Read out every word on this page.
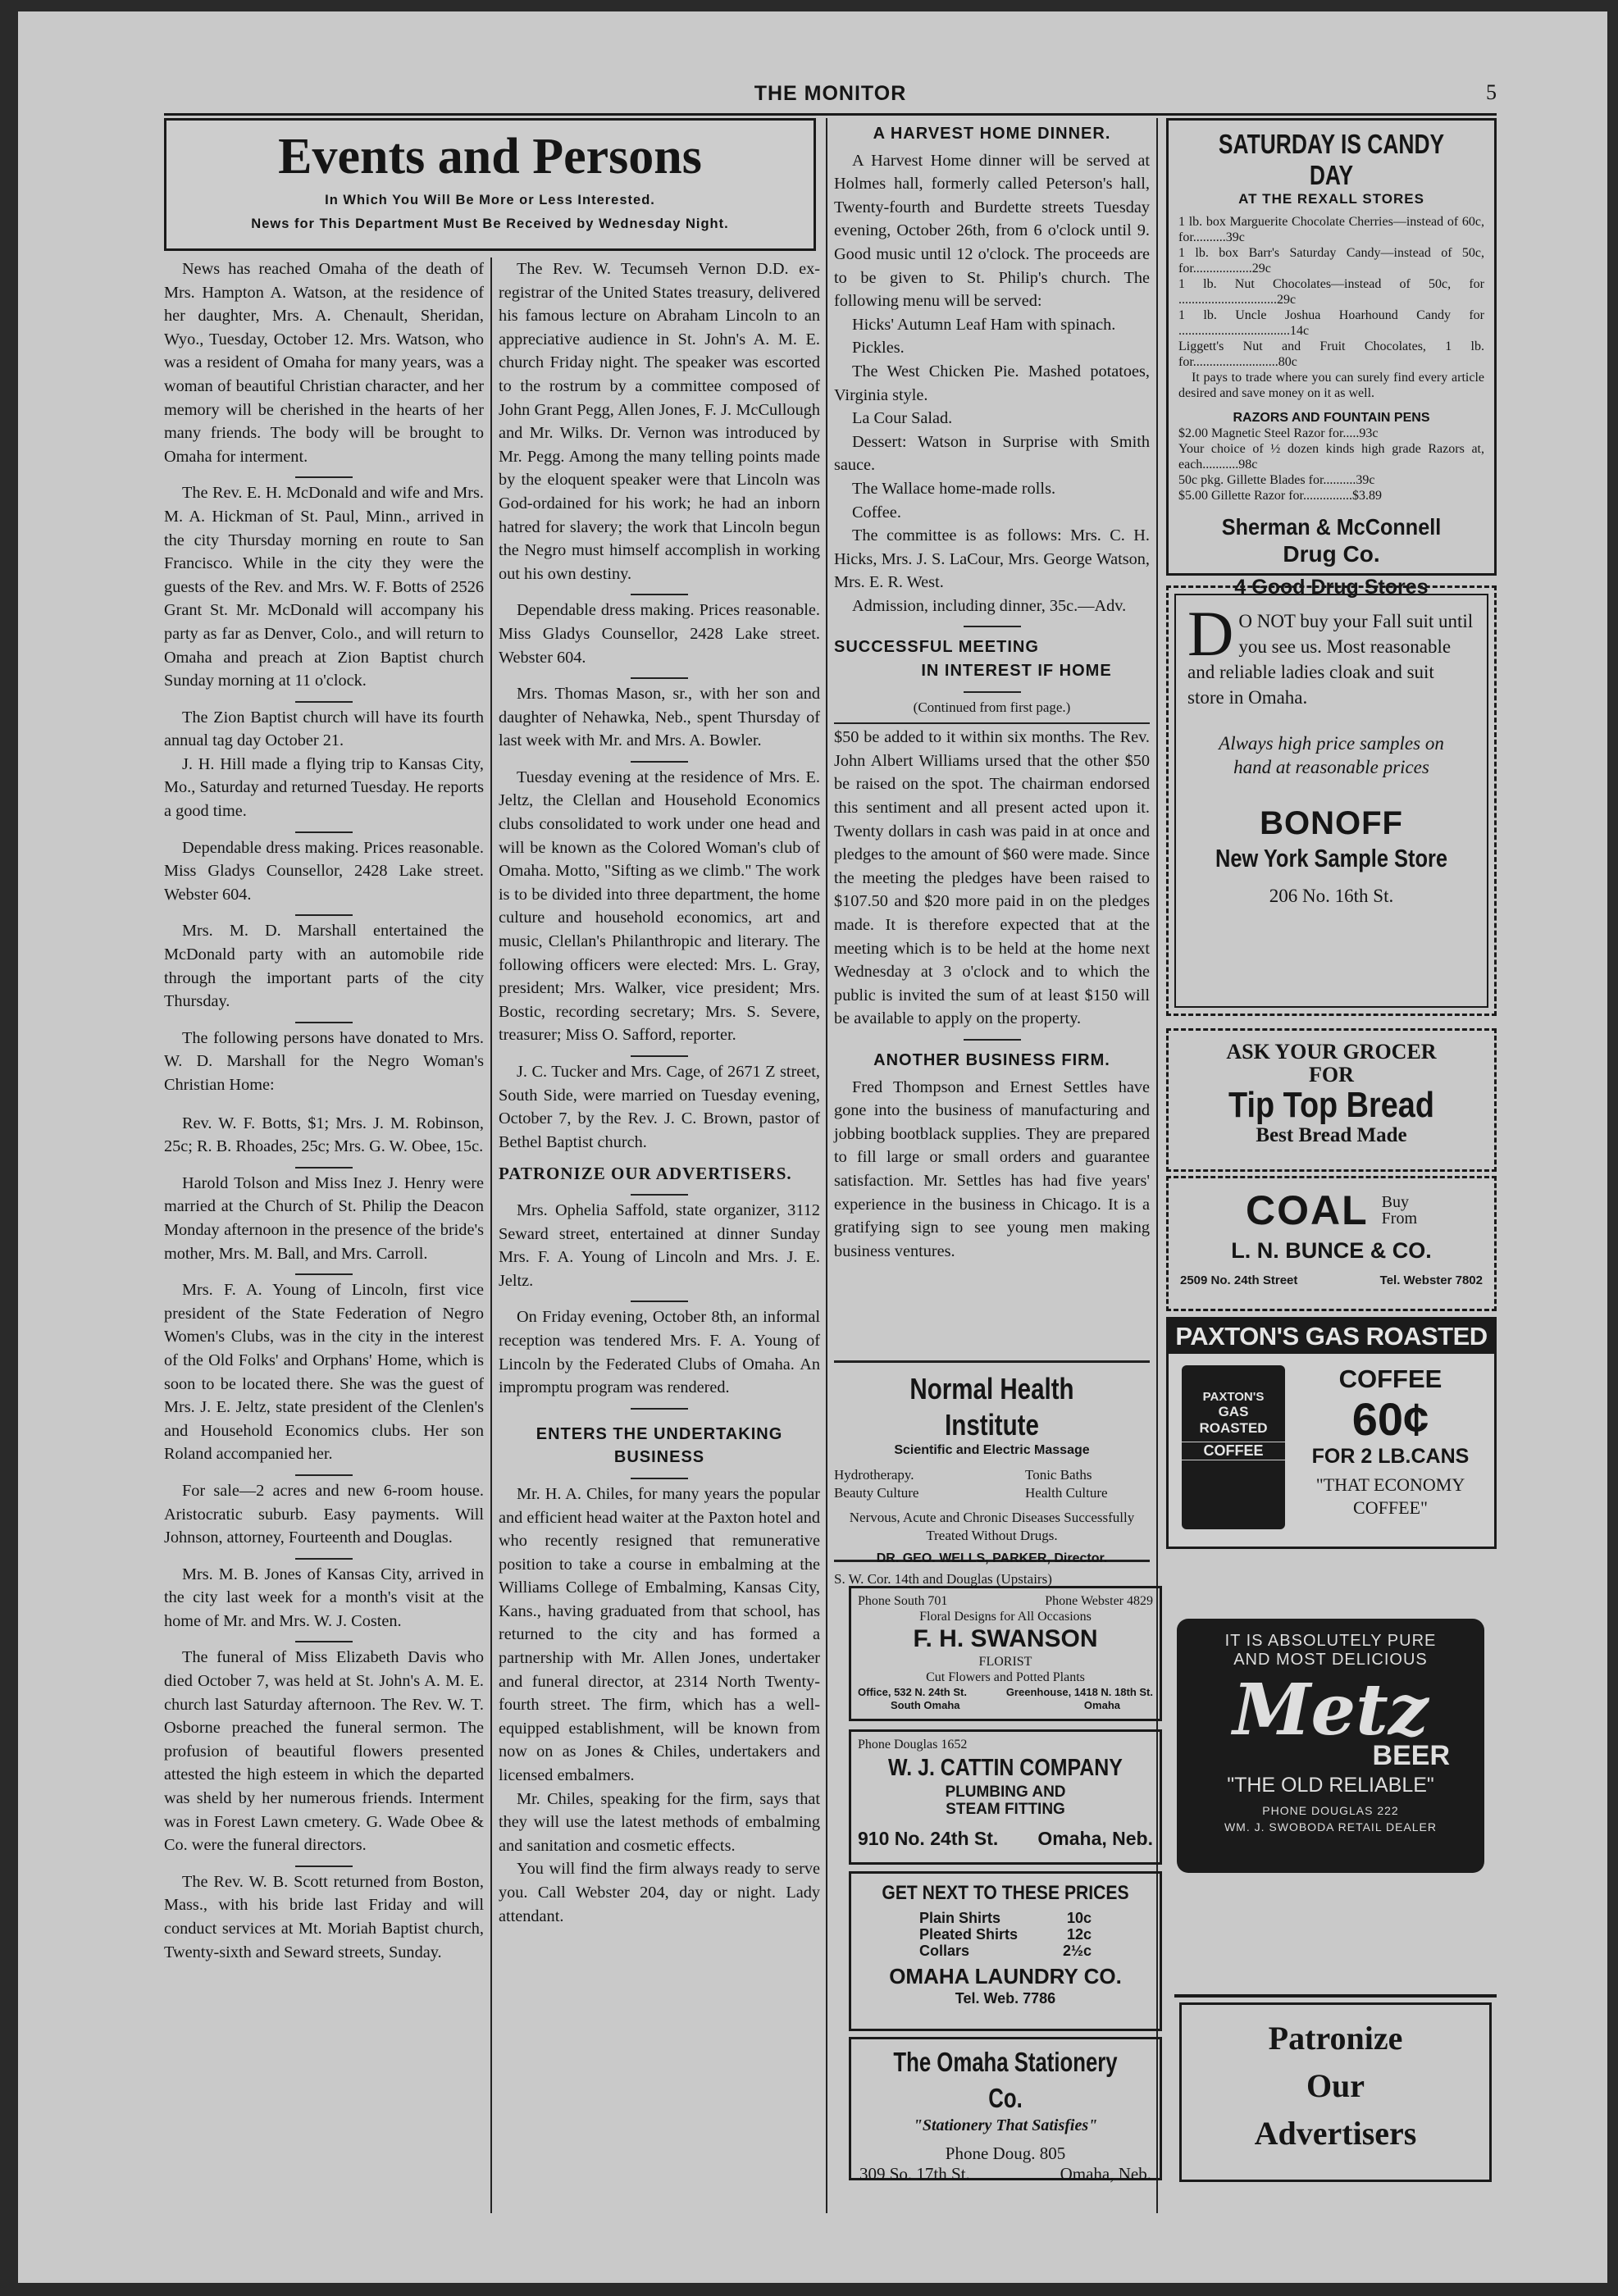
THE MONITOR	5
Events and Persons
In Which You Will Be More or Less Interested.
News for This Department Must Be Received by Wednesday Night.

News has reached Omaha of the death of Mrs. Hampton A. Watson, at the residence of her daughter, Mrs. A. Chenault, Sheridan, Wyo., Tuesday, October 12. Mrs. Watson, who was a resident of Omaha for many years, was a woman of beautiful Christian character, and her memory will be cherished in the hearts of her many friends. The body will be brought to Omaha for interment.

The Rev. E. H. McDonald and wife and Mrs. M. A. Hickman of St. Paul, Minn., arrived in the city Thursday morning en route to San Francisco. While in the city they were the guests of the Rev. and Mrs. W. F. Botts of 2526 Grant St. Mr. McDonald will accompany his party as far as Denver, Colo., and will return to Omaha and preach at Zion Baptist church Sunday morning at 11 o'clock.

The Zion Baptist church will have its fourth annual tag day October 21.

J. H. Hill made a flying trip to Kansas City, Mo., Saturday and returned Tuesday. He reports a good time.

Dependable dress making. Prices reasonable. Miss Gladys Counsellor, 2428 Lake street. Webster 604.

Mrs. M. D. Marshall entertained the McDonald party with an automobile ride through the important parts of the city Thursday.

The following persons have donated to Mrs. W. D. Marshall for the Negro Woman's Christian Home:

Rev. W. F. Botts, $1; Mrs. J. M. Robinson, 25c; R. B. Rhoades, 25c; Mrs. G. W. Obee, 15c.

Harold Tolson and Miss Inez J. Henry were married at the Church of St. Philip the Deacon Monday afternoon in the presence of the bride's mother, Mrs. M. Ball, and Mrs. Carroll.

Mrs. F. A. Young of Lincoln, first vice president of the State Federation of Negro Women's Clubs, was in the city in the interest of the Old Folks' and Orphans' Home, which is soon to be located there. She was the guest of Mrs. J. E. Jeltz, state president of the Clenlen's and Household Economics clubs. Her son Roland accompanied her.

For sale—2 acres and new 6-room house. Aristocratic suburb. Easy payments. Will Johnson, attorney, Fourteenth and Douglas.

Mrs. M. B. Jones of Kansas City, arrived in the city last week for a month's visit at the home of Mr. and Mrs. W. J. Costen.

The funeral of Miss Elizabeth Davis who died October 7, was held at St. John's A. M. E. church last Saturday afternoon. The Rev. W. T. Osborne preached the funeral sermon. The profusion of beautiful flowers presented attested the high esteem in which the departed was sheld by her numerous friends. Interment was in Forest Lawn cmetery. G. Wade Obee & Co. were the funeral directors.

The Rev. W. B. Scott returned from Boston, Mass., with his bride last Friday and will conduct services at Mt. Moriah Baptist church, Twenty-sixth and Seward streets, Sunday.

The Rev. W. Tecumseh Vernon D.D. ex-registrar of the United States treasury, delivered his famous lecture on Abraham Lincoln to an appreciative audience in St. John's A. M. E. church Friday night. The speaker was escorted to the rostrum by a committee composed of John Grant Pegg, Allen Jones, F. J. McCullough and Mr. Wilks. Dr. Vernon was introduced by Mr. Pegg. Among the many telling points made by the eloquent speaker were that Lincoln was God-ordained for his work; he had an inborn hatred for slavery; the work that Lincoln begun the Negro must himself accomplish in working out his own destiny.

Dependable dress making. Prices reasonable. Miss Gladys Counsellor, 2428 Lake street. Webster 604.

Mrs. Thomas Mason, sr., with her son and daughter of Nehawka, Neb., spent Thursday of last week with Mr. and Mrs. A. Bowler.

Tuesday evening at the residence of Mrs. E. Jeltz, the Clellan and Household Economics clubs consolidated to work under one head and will be known as the Colored Woman's club of Omaha. Motto, "Sifting as we climb." The work is to be divided into three department, the home culture and household economics, art and music, Clellan's Philanthropic and literary. The following officers were elected: Mrs. L. Gray, president; Mrs. Walker, vice president; Mrs. Bostic, recording secretary; Mrs. S. Severe, treasurer; Miss O. Safford, reporter.

J. C. Tucker and Mrs. Cage, of 2671 Z street, South Side, were married on Tuesday evening, October 7, by the Rev. J. C. Brown, pastor of Bethel Baptist church.

PATRONIZE OUR ADVERTISERS.

Mrs. Ophelia Saffold, state organizer, 3112 Seward street, entertained at dinner Sunday Mrs. F. A. Young of Lincoln and Mrs. J. E. Jeltz.

On Friday evening, October 8th, an informal reception was tendered Mrs. F. A. Young of Lincoln by the Federated Clubs of Omaha. An impromptu program was rendered.

ENTERS THE UNDERTAKING
BUSINESS

Mr. H. A. Chiles, for many years the popular and efficient head waiter at the Paxton hotel and who recently resigned that remunerative position to take a course in embalming at the Williams College of Embalming, Kansas City, Kans., having graduated from that school, has returned to the city and has formed a partnership with Mr. Allen Jones, undertaker and funeral director, at 2314 North Twenty-fourth street. The firm, which has a well-equipped establishment, will be known from now on as Jones & Chiles, undertakers and licensed embalmers.

Mr. Chiles, speaking for the firm, says that they will use the latest methods of embalming and sanitation and cosmetic effects.

You will find the firm always ready to serve you. Call Webster 204, day or night. Lady attendant.

A HARVEST HOME DINNER.

A Harvest Home dinner will be served at Holmes hall, formerly called Peterson's hall, Twenty-fourth and Burdette streets Tuesday evening, October 26th, from 6 o'clock until 9. Good music until 12 o'clock. The proceeds are to be given to St. Philip's church. The following menu will be served:

Hicks' Autumn Leaf Ham with spinach.

Pickles.

The West Chicken Pie. Mashed potatoes, Virginia style.

La Cour Salad.

Dessert: Watson in Surprise with Smith sauce.

The Wallace home-made rolls.

Coffee.

The committee is as follows: Mrs. C. H. Hicks, Mrs. J. S. LaCour, Mrs. George Watson, Mrs. E. R. West.

Admission, including dinner, 35c.—Adv.

SUCCESSFUL MEETING
IN INTEREST IF HOME
(Continued from first page.)

$50 be added to it within six months. The Rev. John Albert Williams ursed that the other $50 be raised on the spot. The chairman endorsed this sentiment and all present acted upon it. Twenty dollars in cash was paid in at once and pledges to the amount of $60 were made. Since the meeting the pledges have been raised to $107.50 and $20 more paid in on the pledges made. It is therefore expected that at the meeting which is to be held at the home next Wednesday at 3 o'clock and to which the public is invited the sum of at least $150 will be available to apply on the property.

ANOTHER BUSINESS FIRM.

Fred Thompson and Ernest Settles have gone into the business of manufacturing and jobbing bootblack supplies. They are prepared to fill large or small orders and guarantee satisfaction. Mr. Settles has had five years' experience in the business in Chicago. It is a gratifying sign to see young men making business ventures.

Normal Health Institute
Scientific and Electric Massage
Hydrotherapy.	Tonic Baths
Beauty Culture	Health Culture
Nervous, Acute and Chronic Diseases Successfully Treated Without Drugs.
DR. GEO. WELLS, PARKER, Director.
S. W. Cor. 14th and Douglas (Upstairs)
Phone South 701	Phone Webster 4829
Floral Designs for All Occasions
F. H. SWANSON
FLORIST
Cut Flowers and Potted Plants
Office, 532 N. 24th St.	Greenhouse, 1418 N. 18th St.
South Omaha	Omaha
Phone Douglas 1652
W. J. CATTIN COMPANY
PLUMBING AND
STEAM FITTING
910 No. 24th St. Omaha, Neb.
GET NEXT TO THESE PRICES
Plain Shirts	10c
Pleated Shirts	12c
Collars	2½c
OMAHA LAUNDRY CO.
Tel. Web. 7786
The Omaha Stationery Co.
"Stationery That Satisfies"
Phone Doug. 805
309 So. 17th St.	Omaha, Neb.
SATURDAY IS CANDY DAY
AT THE REXALL STORES
1 lb. box Marguerite Chocolate Cherries—instead of 60c, for..........39c
1 lb. box Barr's Saturday Candy—instead of 50c, for..................29c
1 lb. Nut Chocolates—instead of 50c, for ..............................29c
1 lb. Uncle Joshua Hoarhound Candy for ..................................14c
Liggett's Nut and Fruit Chocolates, 1 lb. for..........................80c
It pays to trade where you can surely find every article desired and save money on it as well.
RAZORS AND FOUNTAIN PENS
$2.00 Magnetic Steel Razor for.....93c
Your choice of ½ dozen kinds high grade Razors at, each...........98c
50c pkg. Gillette Blades for..........39c
$5.00 Gillette Razor for...............$3.89
Sherman & McConnell
Drug Co.
4 Good Drug Stores
D O NOT buy your Fall suit until you see us. Most reasonable and reliable ladies cloak and suit store in Omaha.
Always high price samples on hand at reasonable prices
BONOFF
New York Sample Store
206 No. 16th St.
ASK YOUR GROCER
FOR
Tip Top Bread
Best Bread Made
COAL Buy
From
L. N. BUNCE & CO.
2509 No. 24th Street	Tel. Webster 7802
PAXTON'S GAS ROASTED
PAXTON'S
GAS
ROASTED
COFFEE
COFFEE
60¢
FOR 2 LB.CANS
"THAT ECONOMY COFFEE"
IT IS ABSOLUTELY PURE
AND MOST DELICIOUS
Metz
BEER
"THE OLD RELIABLE"
PHONE DOUGLAS 222
WM. J. SWOBODA RETAIL DEALER
Patronize
Our
Advertisers
